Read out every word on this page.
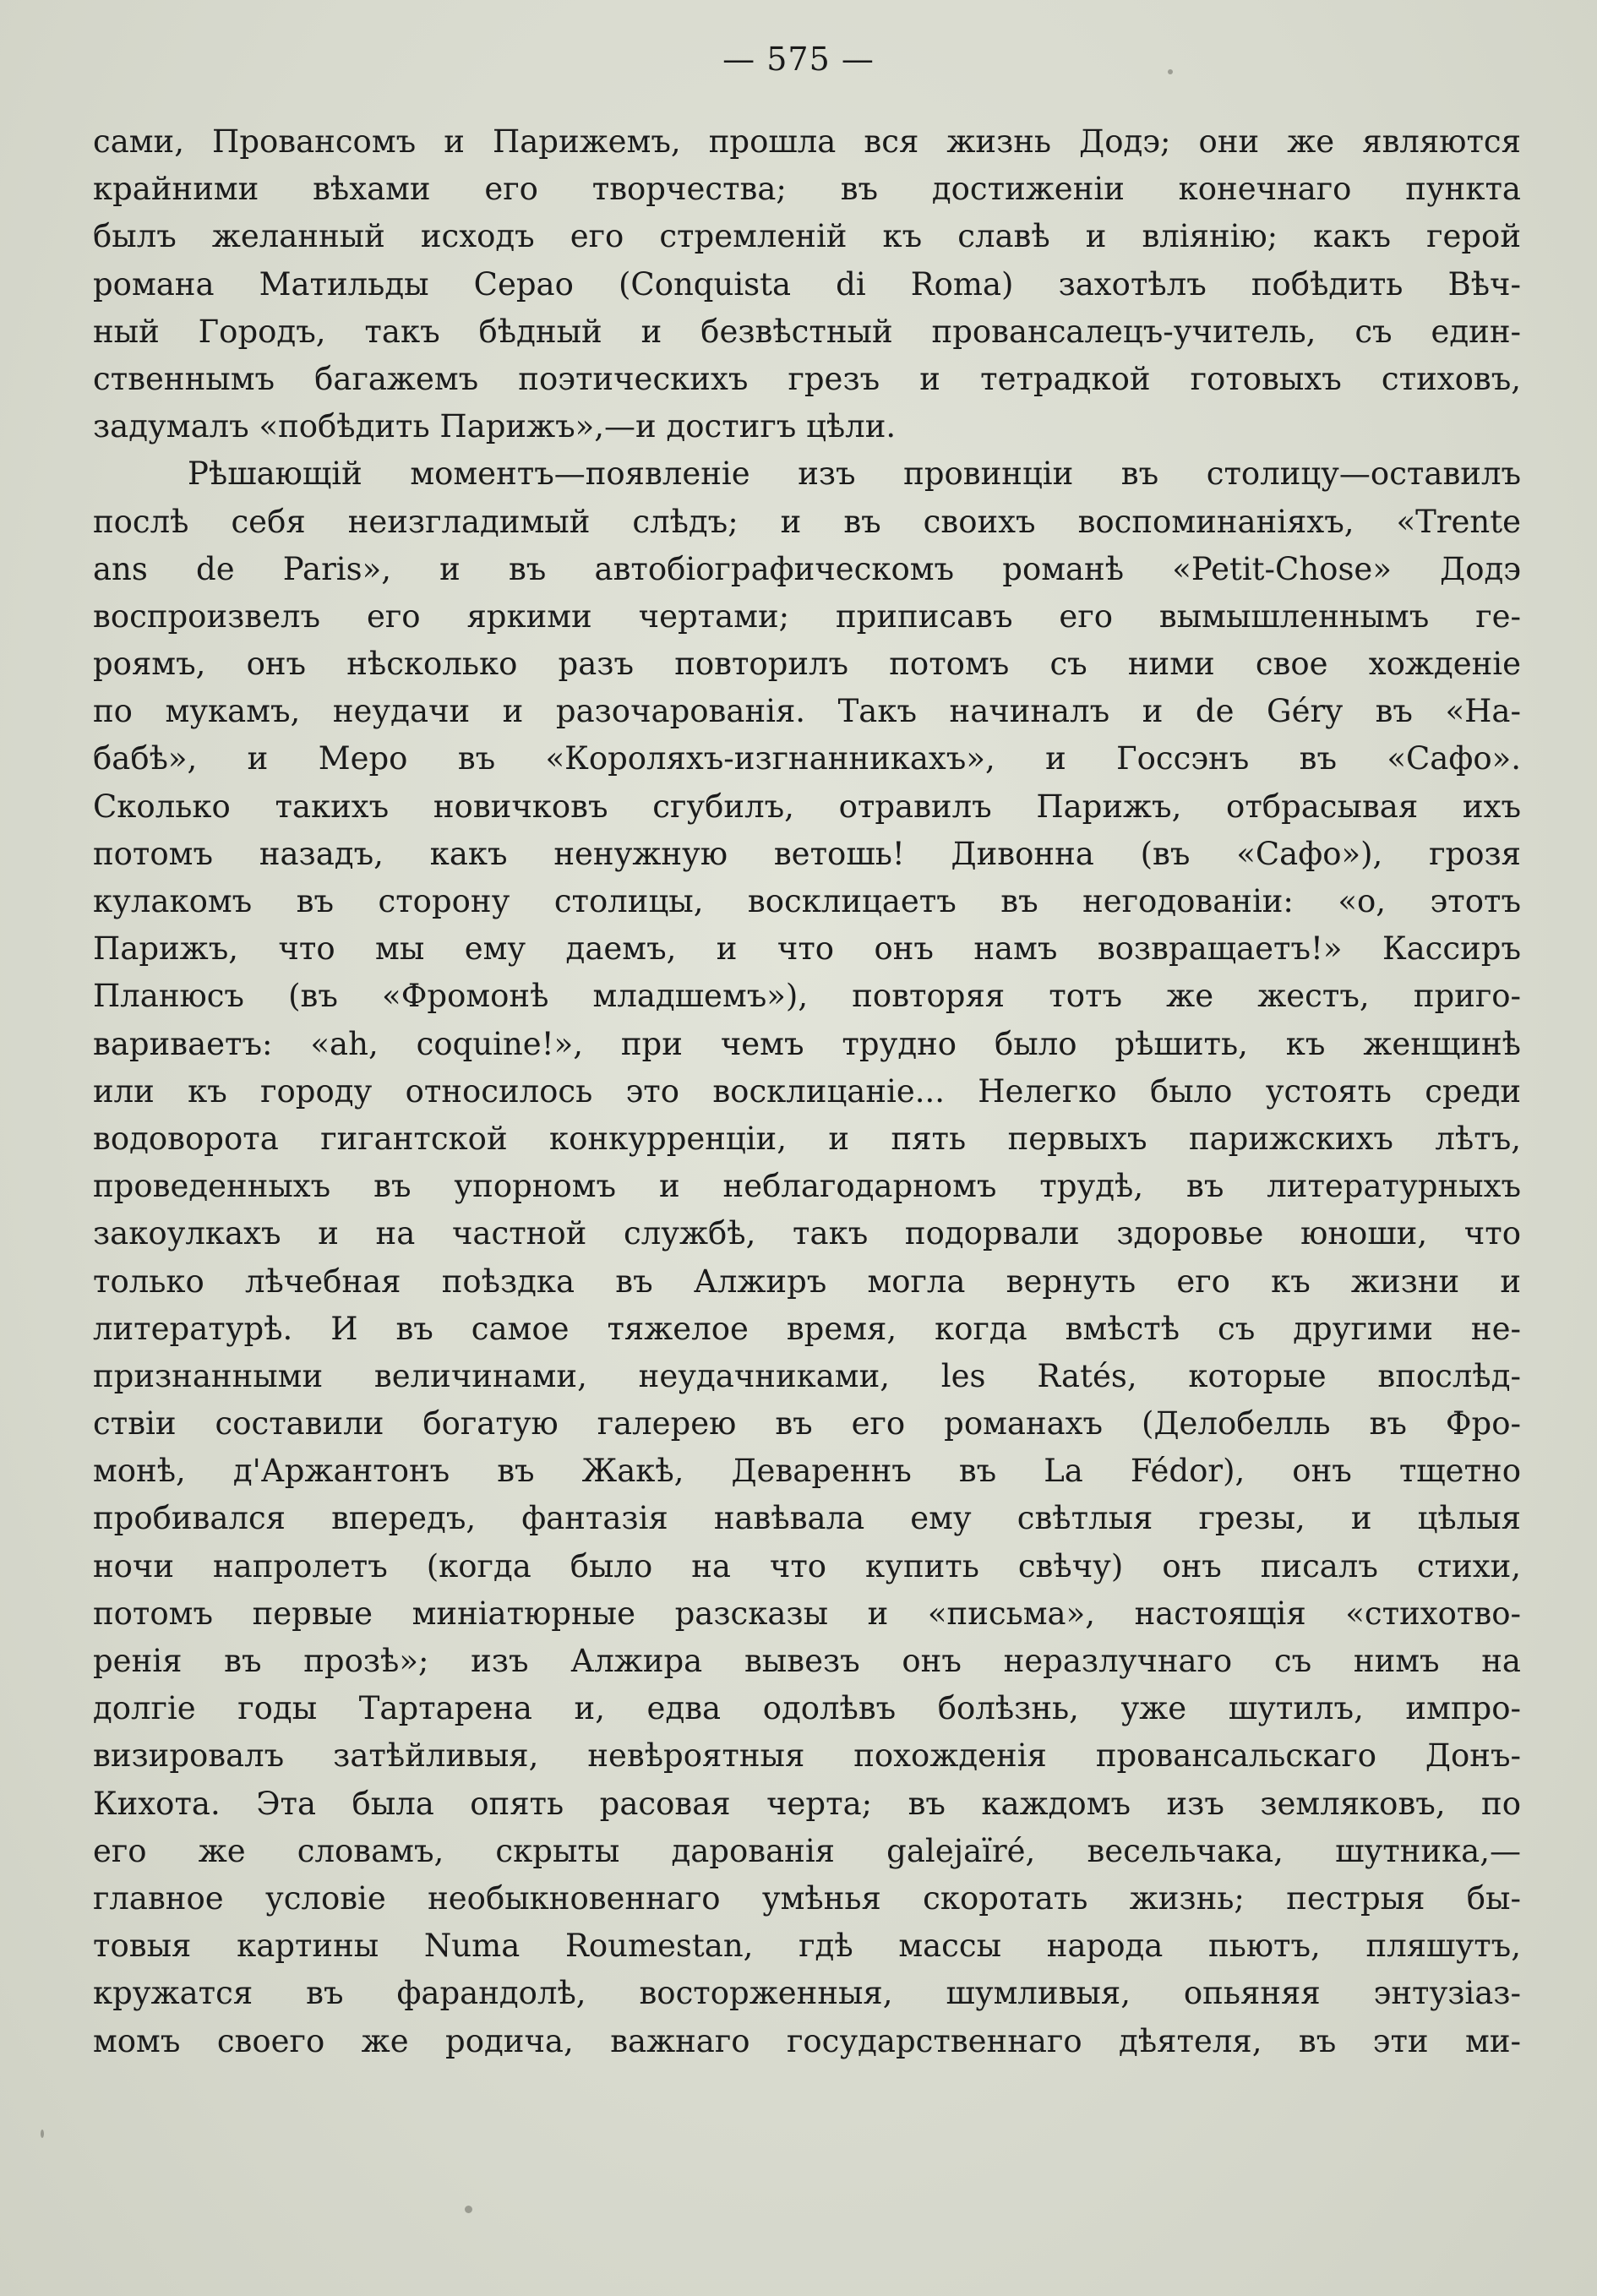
— 575 —
сами, Провансомъ и Парижемъ, прошла вся жизнь Додэ; они же являются
крайними вѣхами его творчества; въ достиженіи конечнаго пункта
былъ желанный исходъ его стремленій къ славѣ и вліянію; какъ герой
романа Матильды Серао (Conquista di Roma) захотѣлъ побѣдить Вѣч-
ный Городъ, такъ бѣдный и безвѣстный провансалецъ-учитель, съ един-
ственнымъ багажемъ поэтическихъ грезъ и тетрадкой готовыхъ стиховъ,
задумалъ «побѣдить Парижъ»,—и достигъ цѣли.
Рѣшающій моментъ—появленіе изъ провинціи въ столицу—оставилъ
послѣ себя неизгладимый слѣдъ; и въ своихъ воспоминаніяхъ, «Trente
ans de Paris», и въ автобіографическомъ романѣ «Petit-Chose» Додэ
воспроизвелъ его яркими чертами; приписавъ его вымышленнымъ ге-
роямъ, онъ нѣсколько разъ повторилъ потомъ съ ними свое хожденіе
по мукамъ, неудачи и разочарованія. Такъ начиналъ и de Géry въ «На-
бабѣ», и Меро въ «Короляхъ-изгнанникахъ», и Госсэнъ въ «Сафо».
Сколько такихъ новичковъ сгубилъ, отравилъ Парижъ, отбрасывая ихъ
потомъ назадъ, какъ ненужную ветошь! Дивонна (въ «Сафо»), грозя
кулакомъ въ сторону столицы, восклицаетъ въ негодованіи: «о, этотъ
Парижъ, что мы ему даемъ, и что онъ намъ возвращаетъ!» Кассиръ
Планюсъ (въ «Фромонѣ младшемъ»), повторяя тотъ же жестъ, приго-
вариваетъ: «ah, coquine!», при чемъ трудно было рѣшить, къ женщинѣ
или къ городу относилось это восклицаніе... Нелегко было устоять среди
водоворота гигантской конкурренціи, и пять первыхъ парижскихъ лѣтъ,
проведенныхъ въ упорномъ и неблагодарномъ трудѣ, въ литературныхъ
закоулкахъ и на частной службѣ, такъ подорвали здоровье юноши, что
только лѣчебная поѣздка въ Алжиръ могла вернуть его къ жизни и
литературѣ. И въ самое тяжелое время, когда вмѣстѣ съ другими не-
признанными величинами, неудачниками, les Ratés, которые впослѣд-
ствіи составили богатую галерею въ его романахъ (Делобелль въ Фро-
монѣ, д'Аржантонъ въ Жакѣ, Девареннъ въ La Fédor), онъ тщетно
пробивался впередъ, фантазія навѣвала ему свѣтлыя грезы, и цѣлыя
ночи напролетъ (когда было на что купить свѣчу) онъ писалъ стихи,
потомъ первые миніатюрные разсказы и «письма», настоящія «стихотво-
ренія въ прозѣ»; изъ Алжира вывезъ онъ неразлучнаго съ нимъ на
долгіе годы Тартарена и, едва одолѣвъ болѣзнь, уже шутилъ, импро-
визировалъ затѣйливыя, невѣроятныя похожденія провансальскаго Донъ-
Кихота. Эта была опять расовая черта; въ каждомъ изъ земляковъ, по
его же словамъ, скрыты дарованія galejaïré, весельчака, шутника,—
главное условіе необыкновеннаго умѣнья скоротать жизнь; пестрыя бы-
товыя картины Numa Roumestan, гдѣ массы народа пьютъ, пляшутъ,
кружатся въ фарандолѣ, восторженныя, шумливыя, опьяняя энтузіаз-
момъ своего же родича, важнаго государственнаго дѣятеля, въ эти ми-
